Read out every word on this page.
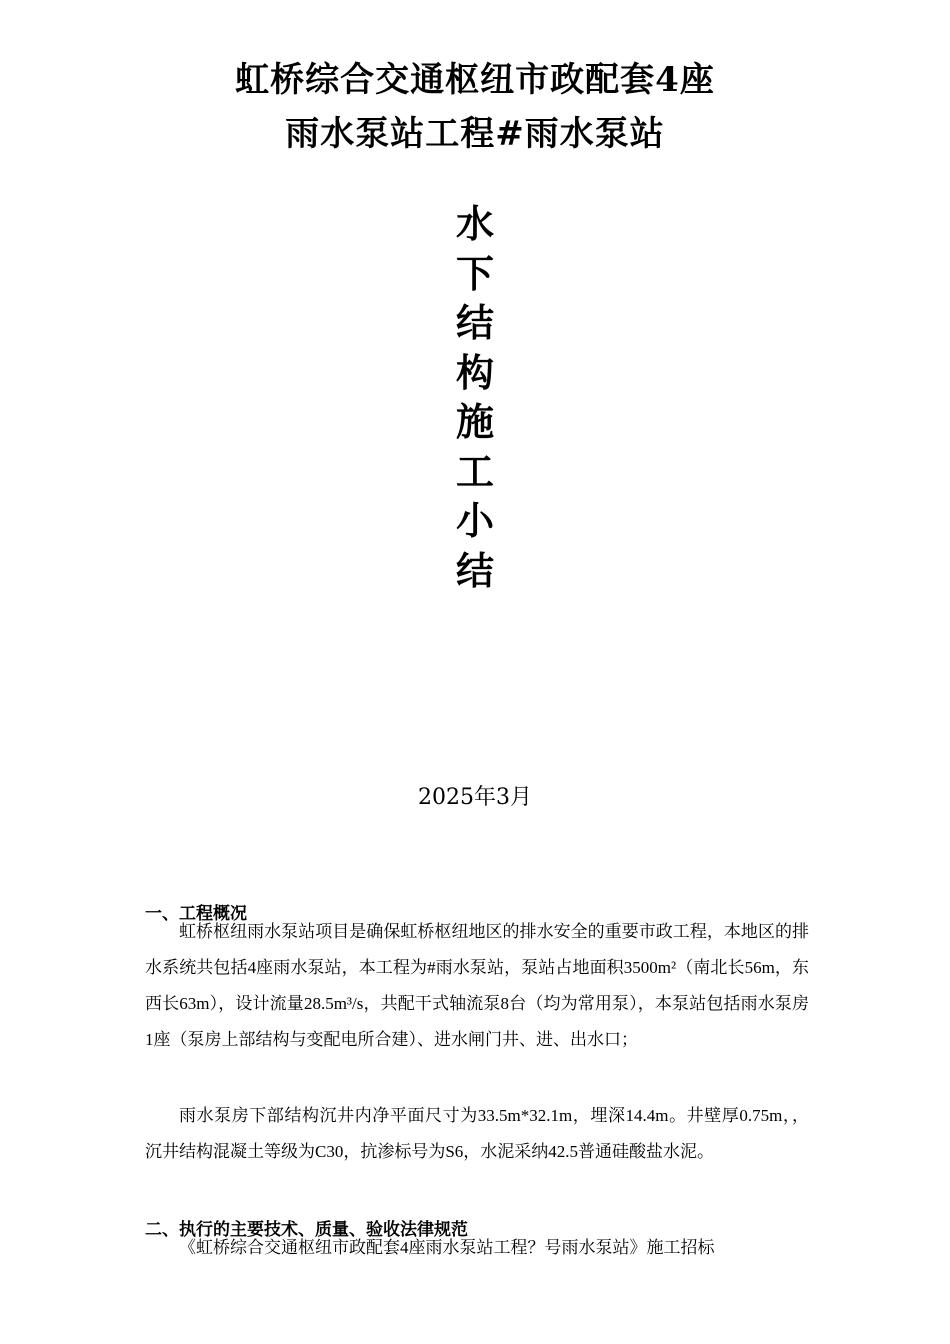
虹桥综合交通枢纽市政配套4座
雨水泵站工程#雨水泵站
水
下
结
构
施
工
小
结
2025年3月
一、工程概况

虹桥枢纽雨水泵站项目是确保虹桥枢纽地区的排水安全的重要市政工程，本地区的排水系统共包括4座雨水泵站，本工程为#雨水泵站，泵站占地面积3500m²（南北长56m，东西长63m），设计流量28.5m³/s，共配干式轴流泵8台（均为常用泵），本泵站包括雨水泵房1座（泵房上部结构与变配电所合建）、进水闸门井、进、出水口；

雨水泵房下部结构沉井内净平面尺寸为33.5m*32.1m，埋深14.4m。井壁厚0.75m，，沉井结构混凝土等级为C30，抗渗标号为S6，水泥采纳42.5普通硅酸盐水泥。

二、执行的主要技术、质量、验收法律规范

《虹桥综合交通枢纽市政配套4座雨水泵站工程？号雨水泵站》施工招标
